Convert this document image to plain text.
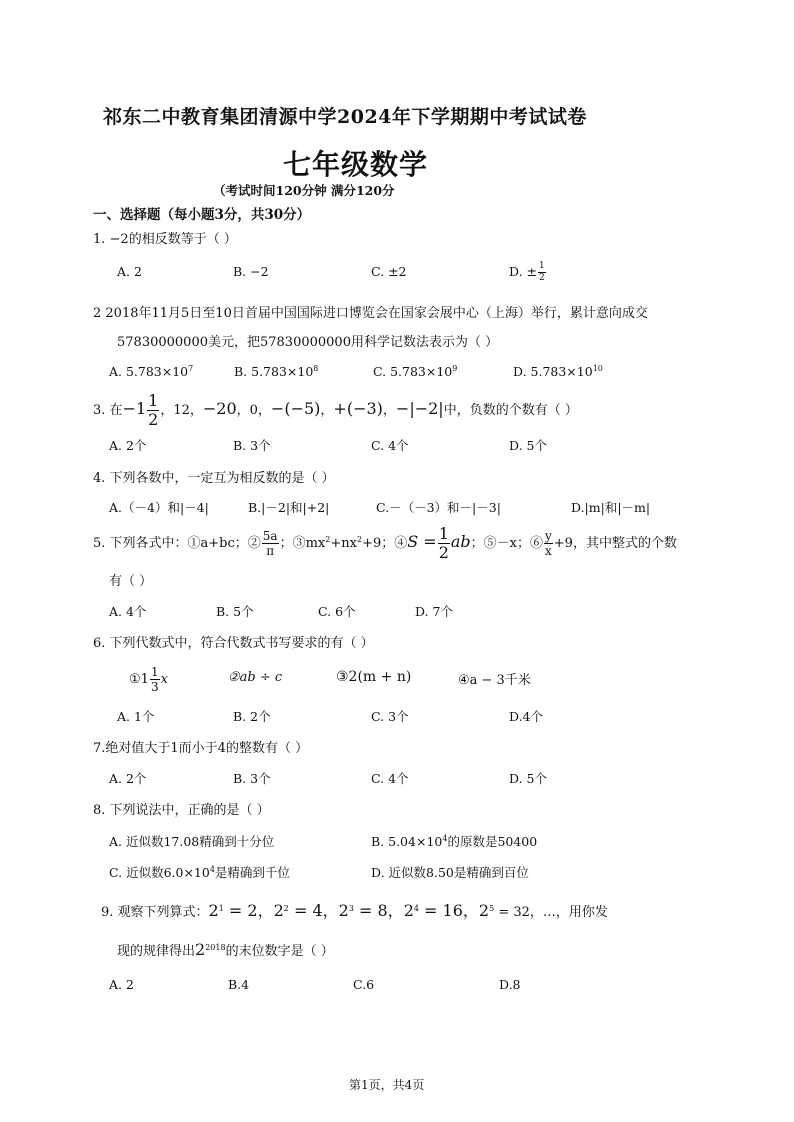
祁东二中教育集团清源中学2024年下学期期中考试试卷
七年级数学
（考试时间120分钟 满分120分
一、选择题（每小题3分，共30分）
1. −2的相反数等于（ ）
A. 2	B. −2	C. ±2	D. ± $\frac{1}{2}$
2 2018年11月5日至10日首届中国国际进口博览会在国家会展中心（上海）举行，累计意向成交
57830000000美元，把57830000000用科学记数法表示为（ ）
A. $5.783\times 10^7$	B. $5.783\times 10^8$	C. $5.783\times 10^9$	D. $5.783\times 10^{10}$
3. 在$-1 \frac{1}{2}$ ，12，−20，0，−(−5)，+(−3)，−|−2|中，负数的个数有（ ）
A. 2个	B. 3个	C. 4个	D. 5个
4. 下列各数中，一定互为相反数的是（ ）
A.（－4）和|－4|	B.|－2|和|+2|	C.－（－3）和－|－3|	D.|m|和|－m|
5. 下列各式中：①a+bc；② $\frac{5a}{\pi}$ ；$③mx^2+nx^2+9$；④S = $\frac{1}{2}$ ab；⑤－x；⑥ $\frac{y}{x} +9$，其中整式的个数
有（ ）
A. 4个	B. 5个	C. 6个	D. 7个
6. 下列代数式中，符合代数式书写要求的有（ ）
①1 $\frac{1}{3}$ x	②ab ÷ c	③2(m + n)	④a − 3千米
A. 1个	B. 2个	C. 3个	D.4个
7.绝对值大于1而小于4的整数有（ ）
A. 2个	B. 3个	C. 4个	D. 5个
8. 下列说法中，正确的是（ ）
A. 近似数17.08精确到十分位	B. $5.04\times 10^4$的原数是50400
C. 近似数$6.0\times 10^4$是精确到千位	D. 近似数8.50是精确到百位
9. 观察下列算式：$2^1 = 2$，$2^2 = 4$，$2^3 = 8$，$2^4 = 16$，$2^5 = 32$，…，用你发
现的规律得出$2^{2018}$的末位数字是（ ）
A. 2	B.4	C.6	D.8
第1页，共4页
